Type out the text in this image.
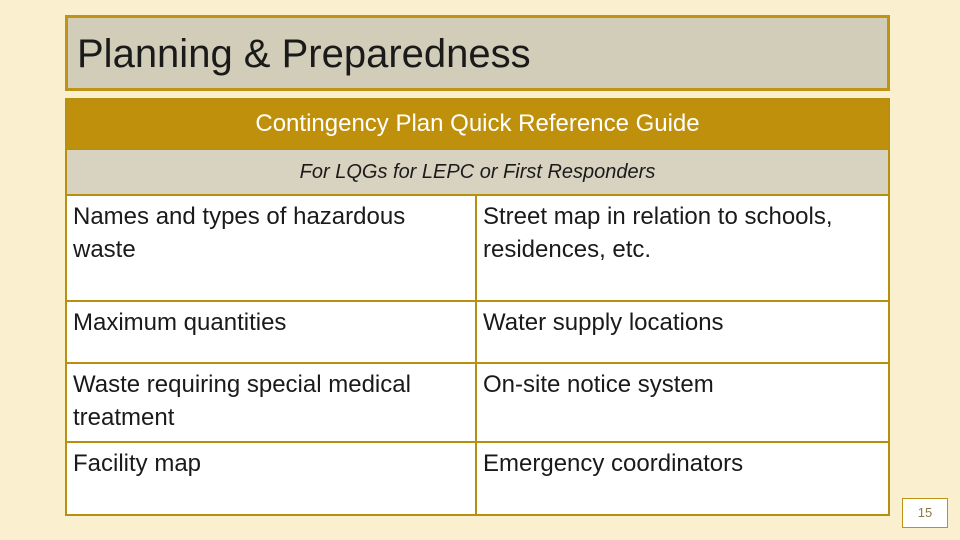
Planning & Preparedness
Contingency Plan Quick Reference Guide	
For LQGs for LEPC or First Responders	
Names and types of hazardous waste	Street map in relation to schools, residences, etc.
Maximum quantities	Water supply locations
Waste requiring special medical treatment	On-site notice system
Facility map	Emergency coordinators
15
